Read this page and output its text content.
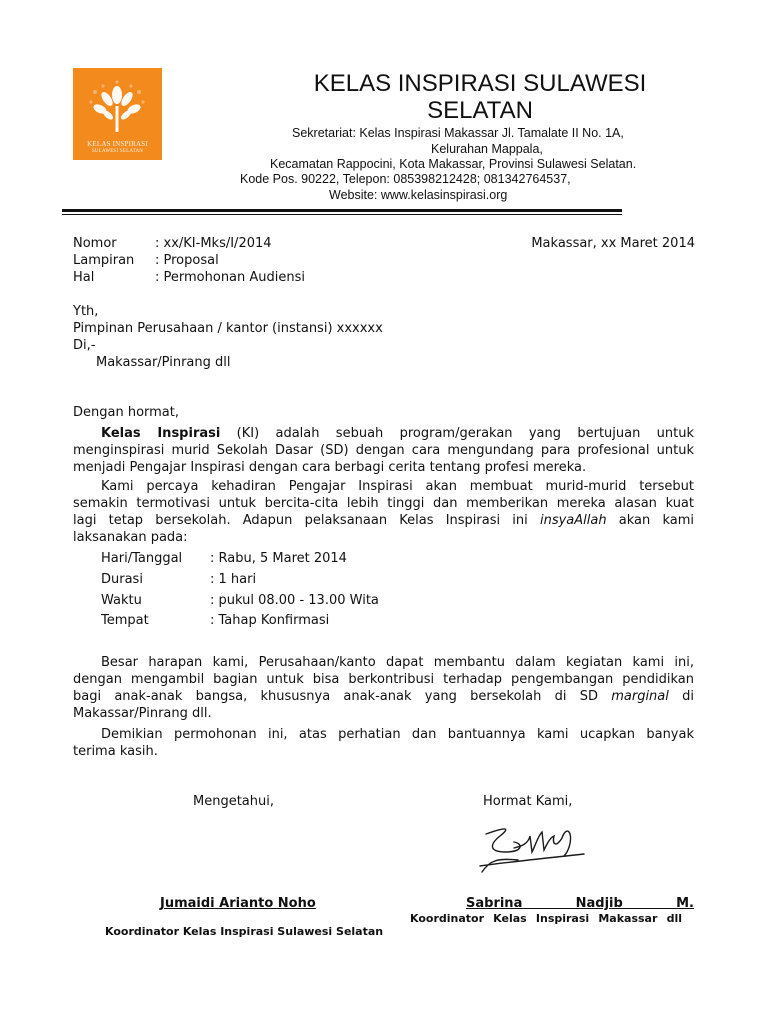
KELAS INSPIRASI
SULAWESI SELATAN
KELAS INSPIRASI SULAWESI
SELATAN
Sekretariat: Kelas Inspirasi Makassar Jl. Tamalate II No. 1A,
Kelurahan Mappala,
Kecamatan Rappocini, Kota Makassar, Provinsi Sulawesi Selatan.
Kode Pos. 90222, Telepon: 085398212428; 081342764537,
Website: www.kelasinspirasi.org
Nomor	: xx/KI-Mks/I/2014
Lampiran : Proposal
Hal	: Permohonan Audiensi
Makassar, xx Maret 2014
Yth,
Pimpinan Perusahaan / kantor (instansi) xxxxxx
Di,-
Makassar/Pinrang dll
Dengan hormat,
Kelas Inspirasi (KI) adalah sebuah program/gerakan yang bertujuan untuk
menginspirasi murid Sekolah Dasar (SD) dengan cara mengundang para profesional untuk
menjadi Pengajar Inspirasi dengan cara berbagi cerita tentang profesi mereka.
Kami percaya kehadiran Pengajar Inspirasi akan membuat murid-murid tersebut
semakin termotivasi untuk bercita-cita lebih tinggi dan memberikan mereka alasan kuat
lagi tetap bersekolah. Adapun pelaksanaan Kelas Inspirasi ini insyaAllah akan kami
laksanakan pada:
Hari/Tanggal : Rabu, 5 Maret 2014
Durasi	: 1 hari
Waktu	: pukul 08.00 - 13.00 Wita
Tempat	: Tahap Konfirmasi
Besar harapan kami, Perusahaan/kanto dapat membantu dalam kegiatan kami ini,
dengan mengambil bagian untuk bisa berkontribusi terhadap pengembangan pendidikan
bagi anak-anak bangsa, khususnya anak-anak yang bersekolah di SD marginal di
Makassar/Pinrang dll.
Demikian permohonan ini, atas perhatian dan bantuannya kami ucapkan banyak
terima kasih.
Mengetahui,	Hormat Kami,
Jumaidi Arianto Noho	Sabrina Nadjib M.
Koordinator Kelas Inspirasi Makassar dll
Koordinator Kelas Inspirasi Sulawesi Selatan
